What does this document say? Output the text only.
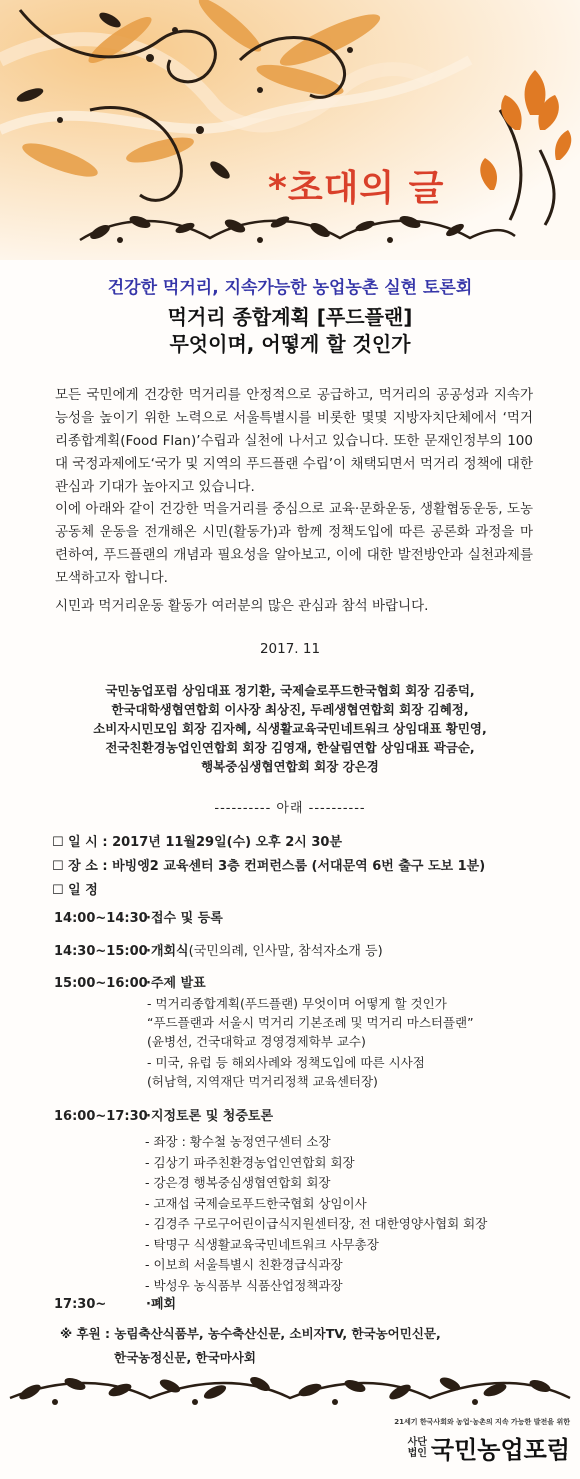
*초대의 글
건강한 먹거리, 지속가능한 농업농촌 실현 토론회
먹거리 종합계획 [푸드플랜]
무엇이며, 어떻게 할 것인가
모든 국민에게 건강한 먹거리를 안정적으로 공급하고, 먹거리의 공공성과 지속가능성을 높이기 위한 노력으로 서울특별시를 비롯한 몇몇 지방자치단체에서 ‘먹거리종합계획(Food Flan)’수립과 실천에 나서고 있습니다. 또한 문재인정부의 100대 국정과제에도‘국가 및 지역의 푸드플랜 수립’이 채택되면서 먹거리 정책에 대한 관심과 기대가 높아지고 있습니다.
이에 아래와 같이 건강한 먹을거리를 중심으로 교육·문화운동, 생활협동운동, 도농공동체 운동을 전개해온 시민(활동가)과 함께 정책도입에 따른 공론화 과정을 마련하여, 푸드플랜의 개념과 필요성을 알아보고, 이에 대한 발전방안과 실천과제를 모색하고자 합니다.
시민과 먹거리운동 활동가 여러분의 많은 관심과 참석 바랍니다.
2017. 11
국민농업포럼 상임대표 정기환, 국제슬로푸드한국협회 회장 김종덕,
한국대학생협연합회 이사장 최상진, 두레생협연합회 회장 김혜정,
소비자시민모임 회장 김자혜, 식생활교육국민네트워크 상임대표 황민영,
전국친환경농업인연합회 회장 김영재, 한살림연합 상임대표 곽금순,
행복중심생협연합회 회장 강은경
---------- 아래 ----------
☐ 일 시 : 2017년 11월29일(수) 오후 2시 30분
☐ 장 소 : 바빙엥2 교육센터 3층 컨퍼런스룸 (서대문역 6번 출구 도보 1분)
☐ 일 정
14:00~14:30·접수 및 등록
14:30~15:00·개회식(국민의례, 인사말, 참석자소개 등)
15:00~16:00·주제 발표
- 먹거리종합계획(푸드플랜) 무엇이며 어떻게 할 것인가
“푸드플랜과 서울시 먹거리 기본조례 및 먹거리 마스터플랜”
(윤병선, 건국대학교 경영경제학부 교수)
- 미국, 유럽 등 해외사례와 정책도입에 따른 시사점
(허남혁, 지역재단 먹거리정책 교육센터장)
16:00~17:30·지정토론 및 청중토론
- 좌장 : 황수철 농정연구센터 소장
- 김상기 파주친환경농업인연합회 회장
- 강은경 행복중심생협연합회 회장
- 고재섭 국제슬로푸드한국협회 상임이사
- 김경주 구로구어린이급식지원센터장, 전 대한영양사협회 회장
- 탁명구 식생활교육국민네트워크 사무총장
- 이보희 서울특별시 친환경급식과장
- 박성우 농식품부 식품산업정책과장
17:30~	·폐회
※ 후원 : 농림축산식품부, 농수축산신문, 소비자TV, 한국농어민신문,
한국농정신문, 한국마사회
21세기 한국사회와 농업·농촌의 지속 가능한 발전을 위한
사단
법인 국민농업포럼
